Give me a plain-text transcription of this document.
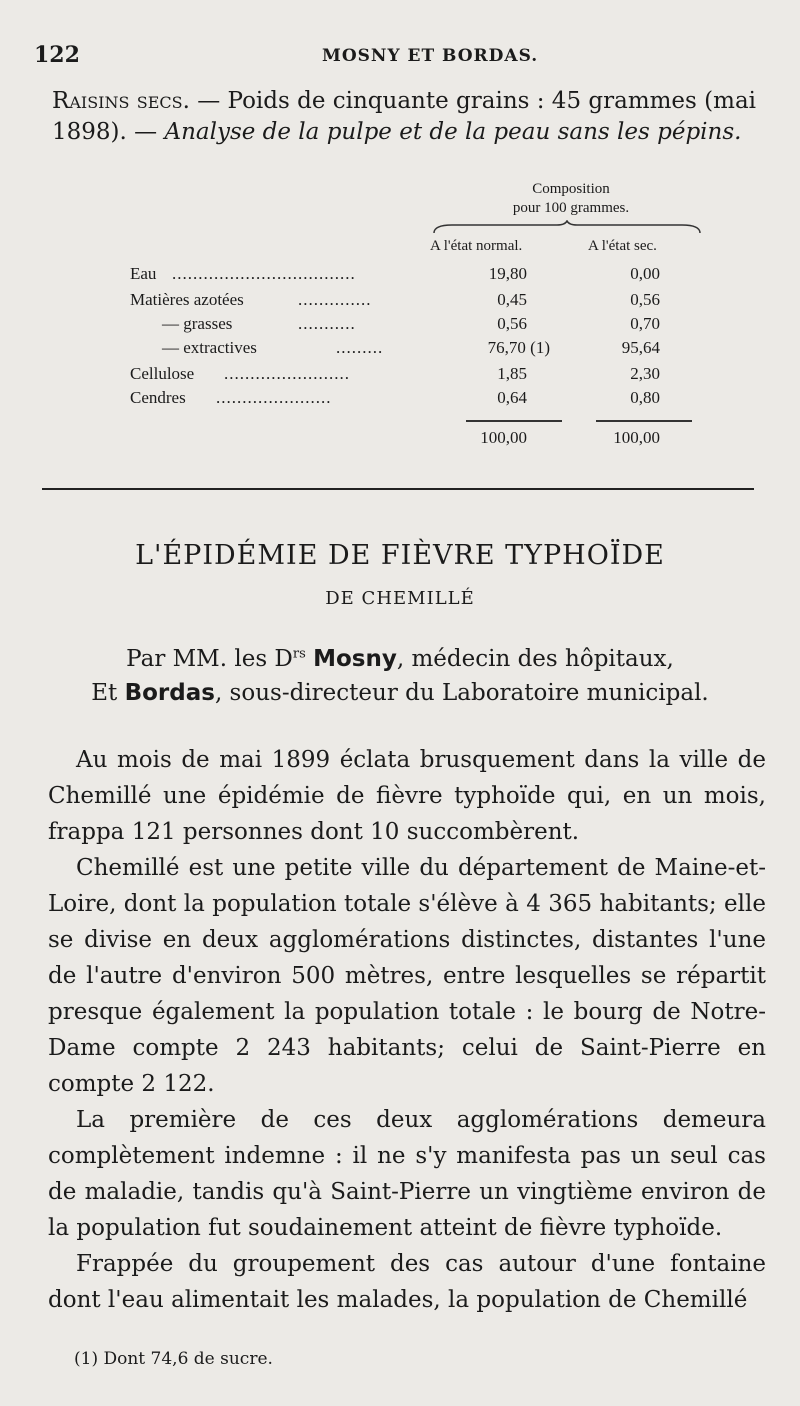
122	MOSNY ET BORDAS.
Raisins secs. — Poids de cinquante grains : 45 grammes (mai 1898). — Analyse de la pulpe et de la peau sans les pépins.
Composition
pour 100 grammes.
A l'état normal.	A l'état sec.
Eau ...................................	19,80	0,00
Matières azotées	..............	0,45	0,56
— grasses	...........	0,56	0,70
— extractives	.........	76,70 (1)	95,64
Cellulose ........................	1,85	2,30
Cendres ......................	0,64	0,80
100,00	100,00
L'ÉPIDÉMIE DE FIÈVRE TYPHOÏDE
DE CHEMILLÉ
Par MM. les $D^{rs}$ Mosny, médecin des hôpitaux,
Et Bordas, sous-directeur du Laboratoire municipal.

Au mois de mai 1899 éclata brusquement dans la ville de Chemillé une épidémie de fièvre typhoïde qui, en un mois, frappa 121 personnes dont 10 succombèrent.

Chemillé est une petite ville du département de Maine-et-Loire, dont la population totale s'élève à 4 365 habitants; elle se divise en deux agglomérations distinctes, distantes l'une de l'autre d'environ 500 mètres, entre lesquelles se répartit presque également la population totale : le bourg de Notre-Dame compte 2 243 habitants; celui de Saint-Pierre en compte 2 122.

La première de ces deux agglomérations demeura complètement indemne : il ne s'y manifesta pas un seul cas de maladie, tandis qu'à Saint-Pierre un vingtième environ de la population fut soudainement atteint de fièvre typhoïde.

Frappée du groupement des cas autour d'une fontaine dont l'eau alimentait les malades, la population de Chemillé

(1) Dont 74,6 de sucre.
